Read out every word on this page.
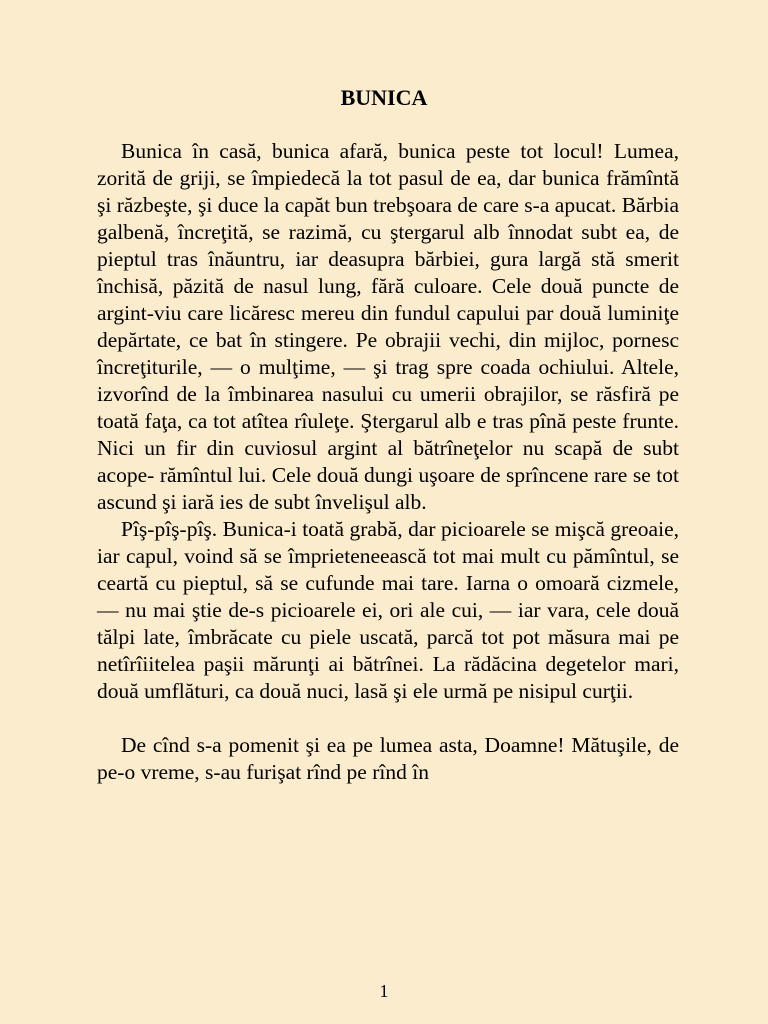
BUNICA

Bunica în casă, bunica afară, bunica peste tot locul! Lumea, zorită de griji, se împiedecă la tot pasul de ea, dar bunica frămîntă şi răzbeşte, şi duce la capăt bun trebşoara de care s-a apucat. Bărbia galbenă, încreţită, se razimă, cu ştergarul alb înnodat subt ea, de pieptul tras înăuntru, iar deasupra bărbiei, gura largă stă smerit închisă, păzită de nasul lung, fără culoare. Cele două puncte de argint-viu care licăresc mereu din fundul capului par două luminiţe depărtate, ce bat în stingere. Pe obrajii vechi, din mijloc, pornesc încreţiturile, — o mulţime, — şi trag spre coada ochiului. Altele, izvorînd de la îmbinarea nasului cu umerii obrajilor, se răsfiră pe toată faţa, ca tot atîtea rîuleţe. Ştergarul alb e tras pînă peste frunte. Nici un fir din cuviosul argint al bătrîneţelor nu scapă de subt acope- rămîntul lui. Cele două dungi uşoare de sprîncene rare se tot ascund şi iară ies de subt învelişul alb.

Pîş-pîş-pîş. Bunica-i toată grabă, dar picioarele se mişcă greoaie, iar capul, voind să se împrieteneească tot mai mult cu pămîntul, se ceartă cu pieptul, să se cufunde mai tare. Iarna o omoară cizmele, — nu mai ştie de-s picioarele ei, ori ale cui, — iar vara, cele două tălpi late, îmbrăcate cu piele uscată, parcă tot pot măsura mai pe netîrîiitelea paşii mărunţi ai bătrînei. La rădăcina degetelor mari, două umflături, ca două nuci, lasă şi ele urmă pe nisipul curţii.

De cînd s-a pomenit şi ea pe lumea asta, Doamne! Mătuşile, de pe-o vreme, s-au furişat rînd pe rînd în

1
